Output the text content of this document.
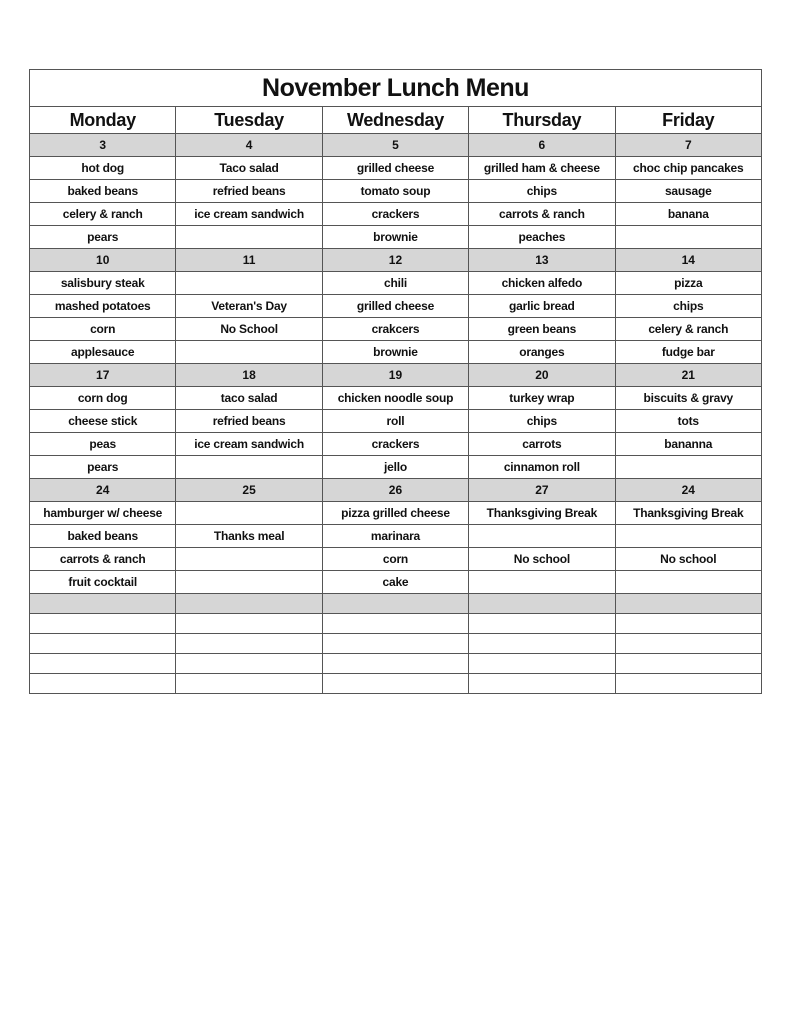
November Lunch Menu				
Monday	Tuesday	Wednesday	Thursday	Friday
3	4	5	6	7
hot dog	Taco salad	grilled cheese	grilled ham & cheese	choc chip pancakes
baked beans	refried beans	tomato soup	chips	sausage
celery & ranch	ice cream sandwich	crackers	carrots & ranch	banana
pears		brownie	peaches	
10	11	12	13	14
salisbury steak		chili	chicken alfedo	pizza
mashed potatoes	Veteran's Day	grilled cheese	garlic bread	chips
corn	No School	crakcers	green beans	celery & ranch
applesauce		brownie	oranges	fudge bar
17	18	19	20	21
corn dog	taco salad	chicken noodle soup	turkey wrap	biscuits & gravy
cheese stick	refried beans	roll	chips	tots
peas	ice cream sandwich	crackers	carrots	bananna
pears		jello	cinnamon roll	
24	25	26	27	24
hamburger w/ cheese		pizza grilled cheese	Thanksgiving Break	Thanksgiving Break
baked beans	Thanks meal	marinara		
carrots & ranch		corn	No school	No school
fruit cocktail		cake		
